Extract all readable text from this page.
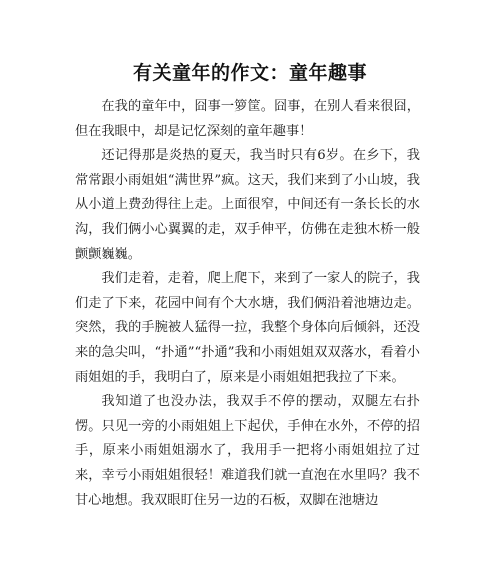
有关童年的作文：童年趣事

在我的童年中，囧事一箩筐。囧事，在别人看来很囧，但在我眼中，却是记忆深刻的童年趣事！

还记得那是炎热的夏天，我当时只有6岁。在乡下，我常常跟小雨姐姐“满世界”疯。这天，我们来到了小山坡，我从小道上费劲得往上走。上面很窄，中间还有一条长长的水沟，我们俩小心翼翼的走，双手伸平，仿佛在走独木桥一般颤颤巍巍。

我们走着，走着，爬上爬下，来到了一家人的院子，我们走了下来，花园中间有个大水塘，我们俩沿着池塘边走。突然，我的手腕被人猛得一拉，我整个身体向后倾斜，还没来的急尖叫，“扑通”“扑通”我和小雨姐姐双双落水，看着小雨姐姐的手，我明白了，原来是小雨姐姐把我拉了下来。

我知道了也没办法，我双手不停的摆动，双腿左右扑愣。只见一旁的小雨姐姐上下起伏，手伸在水外，不停的招手，原来小雨姐姐溺水了，我用手一把将小雨姐姐拉了过来，幸亏小雨姐姐很轻！难道我们就一直泡在水里吗？我不甘心地想。我双眼盯住另一边的石板，双脚在池塘边
